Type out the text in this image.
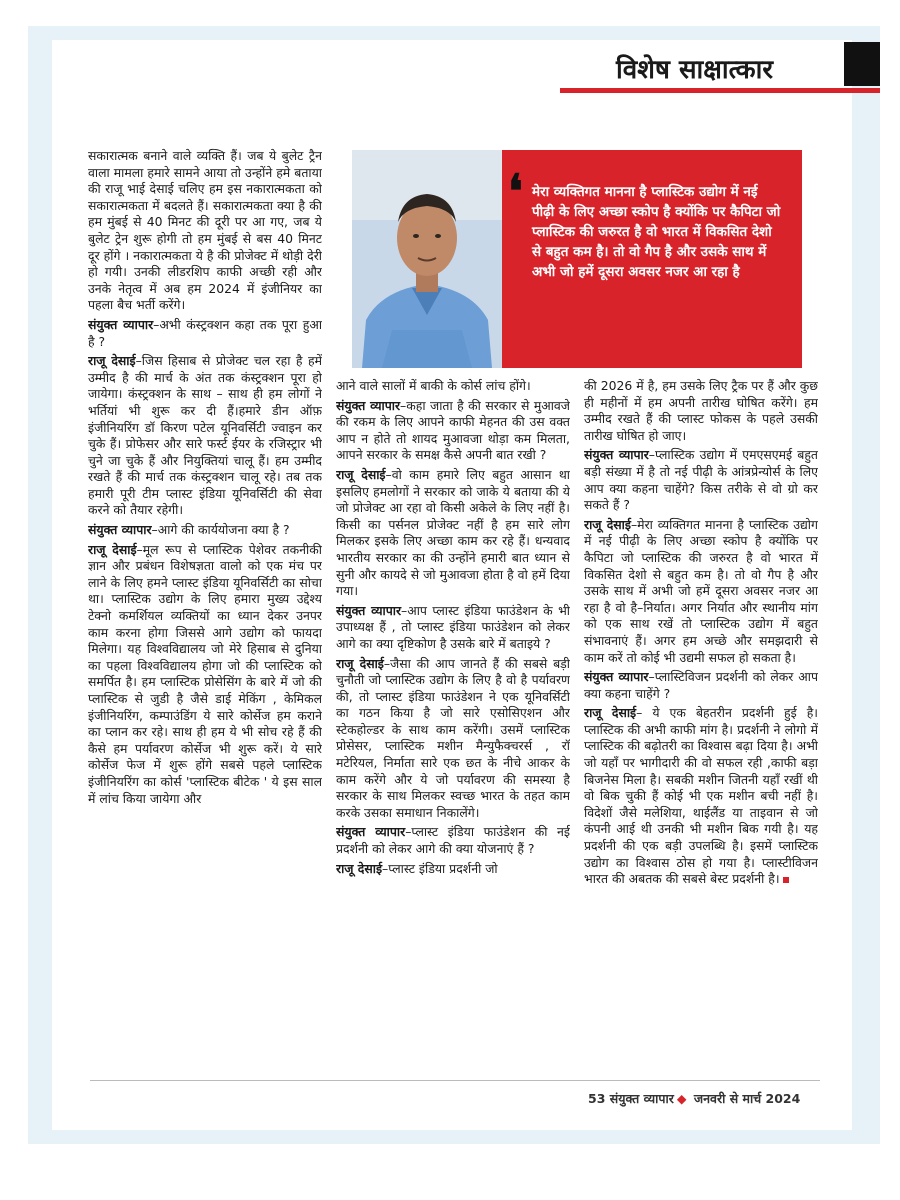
विशेष साक्षात्कार
❛ मेरा व्यक्तिगत मानना है प्लास्टिक उद्योग में नई पीढ़ी के लिए अच्छा स्कोप है क्योंकि पर कैपिटा जो प्लास्टिक की जरुरत है वो भारत में विकसित देशो से बहुत कम है। तो वो गैप है और उसके साथ में अभी जो हमें दूसरा अवसर नजर आ रहा है

सकारात्मक बनाने वाले व्यक्ति हैं। जब ये बुलेट ट्रैन वाला मामला हमारे सामने आया तो उन्होंने हमे बताया की राजू भाई देसाई चलिए हम इस नकारात्मकता को सकारात्मकता में बदलते हैं। सकारात्मकता क्या है की हम मुंबई से 40 मिनट की दूरी पर आ गए, जब ये बुलेट ट्रेन शुरू होगी तो हम मुंबई से बस 40 मिनट दूर होंगे । नकारात्मकता ये है की प्रोजेक्ट में थोड़ी देरी हो गयी। उनकी लीडरशिप काफी अच्छी रही और उनके नेतृत्व में अब हम 2024 में इंजीनियर का पहला बैच भर्ती करेंगे।

संयुक्त व्यापार–अभी कंस्ट्रक्शन कहा तक पूरा हुआ है ?

राजू देसाई–जिस हिसाब से प्रोजेक्ट चल रहा है हमें उम्मीद है की मार्च के अंत तक कंस्ट्रक्शन पूरा हो जायेगा। कंस्ट्रक्शन के साथ – साथ ही हम लोगों ने भर्तियां भी शुरू कर दी हैं।हमारे डीन ऑफ़ इंजीनियरिंग डॉ किरण पटेल यूनिवर्सिटी ज्वाइन कर चुके हैं। प्रोफेसर और सारे फर्स्ट ईयर के रजिस्ट्रार भी चुने जा चुके हैं और नियुक्तियां चालू हैं। हम उम्मीद रखते हैं की मार्च तक कंस्ट्रक्शन चालू रहे। तब तक हमारी पूरी टीम प्लास्ट इंडिया यूनिवर्सिटी की सेवा करने को तैयार रहेगी।

संयुक्त व्यापार–आगे की कार्ययोजना क्या है ?

राजू देसाई–मूल रूप से प्लास्टिक पेशेवर तकनीकी ज्ञान और प्रबंधन विशेषज्ञता वालो को एक मंच पर लाने के लिए हमने प्लास्ट इंडिया यूनिवर्सिटी का सोचा था। प्लास्टिक उद्योग के लिए हमारा मुख्य उद्देश्य टेक्नो कमर्शियल व्यक्तियों का ध्यान देकर उनपर काम करना होगा जिससे आगे उद्योग को फायदा मिलेगा। यह विश्वविद्यालय जो मेरे हिसाब से दुनिया का पहला विश्वविद्यालय होगा जो की प्लास्टिक को समर्पित है। हम प्लास्टिक प्रोसेसिंग के बारे में जो की प्लास्टिक से जुडी है जैसे डाई मेकिंग , केमिकल इंजीनियरिंग, कम्पाउंडिंग ये सारे कोर्सेज हम कराने का प्लान कर रहे। साथ ही हम ये भी सोच रहे हैं की कैसे हम पर्यावरण कोर्सेज भी शुरू करें। ये सारे कोर्सेज फेज में शुरू होंगे सबसे पहले प्लास्टिक इंजीनियरिंग का कोर्स 'प्लास्टिक बीटेक ' ये इस साल में लांच किया जायेगा और

आने वाले सालों में बाकी के कोर्स लांच होंगे।

संयुक्त व्यापार–कहा जाता है की सरकार से मुआवजे की रकम के लिए आपने काफी मेहनत की उस वक्त आप न होते तो शायद मुआवजा थोड़ा कम मिलता, आपने सरकार के समक्ष कैसे अपनी बात रखी ?

राजू देसाई–वो काम हमारे लिए बहुत आसान था इसलिए हमलोगों ने सरकार को जाके ये बताया की ये जो प्रोजेक्ट आ रहा वो किसी अकेले के लिए नहीं है। किसी का पर्सनल प्रोजेक्ट नहीं है हम सारे लोग मिलकर इसके लिए अच्छा काम कर रहे हैं। धन्यवाद भारतीय सरकार का की उन्होंने हमारी बात ध्यान से सुनी और कायदे से जो मुआवजा होता है वो हमें दिया गया।

संयुक्त व्यापार–आप प्लास्ट इंडिया फाउंडेशन के भी उपाध्यक्ष हैं , तो प्लास्ट इंडिया फाउंडेशन को लेकर आगे का क्या दृष्टिकोण है उसके बारे में बताइये ?

राजू देसाई–जैसा की आप जानते हैं की सबसे बड़ी चुनौती जो प्लास्टिक उद्योग के लिए है वो है पर्यावरण की, तो प्लास्ट इंडिया फाउंडेशन ने एक यूनिवर्सिटी का गठन किया है जो सारे एसोसिएशन और स्टेकहोल्डर के साथ काम करेंगी। उसमें प्लास्टिक प्रोसेसर, प्लास्टिक मशीन मैन्युफैक्चरर्स , रॉ मटेरियल, निर्माता सारे एक छत के नीचे आकर के काम करेंगे और ये जो पर्यावरण की समस्या है सरकार के साथ मिलकर स्वच्छ भारत के तहत काम करके उसका समाधान निकालेंगे।

संयुक्त व्यापार–प्लास्ट इंडिया फाउंडेशन की नई प्रदर्शनी को लेकर आगे की क्या योजनाएं हैं ?

राजू देसाई–प्लास्ट इंडिया प्रदर्शनी जो

की 2026 में है, हम उसके लिए ट्रैक पर हैं और कुछ ही महीनों में हम अपनी तारीख घोषित करेंगे। हम उम्मीद रखते हैं की प्लास्ट फोकस के पहले उसकी तारीख घोषित हो जाए।

संयुक्त व्यापार–प्लास्टिक उद्योग में एमएसएमई बहुत बड़ी संख्या में है तो नई पीढ़ी के आंत्रप्रेन्योर्स के लिए आप क्या कहना चाहेंगे? किस तरीके से वो ग्रो कर सकते हैं ?

राजू देसाई–मेरा व्यक्तिगत मानना है प्लास्टिक उद्योग में नई पीढ़ी के लिए अच्छा स्कोप है क्योंकि पर कैपिटा जो प्लास्टिक की जरुरत है वो भारत में विकसित देशो से बहुत कम है। तो वो गैप है और उसके साथ में अभी जो हमें दूसरा अवसर नजर आ रहा है वो है–निर्यात। अगर निर्यात और स्थानीय मांग को एक साथ रखें तो प्लास्टिक उद्योग में बहुत संभावनाएं हैं। अगर हम अच्छे और समझदारी से काम करें तो कोई भी उद्यमी सफल हो सकता है।

संयुक्त व्यापार–प्लास्टिविजन प्रदर्शनी को लेकर आप क्या कहना चाहेंगे ?

राजू देसाई– ये एक बेहतरीन प्रदर्शनी हुई है। प्लास्टिक की अभी काफी मांग है। प्रदर्शनी ने लोगो में प्लास्टिक की बढ़ोतरी का विश्वास बढ़ा दिया है। अभी जो यहाँ पर भागीदारी की वो सफल रही ,काफी बड़ा बिजनेस मिला है। सबकी मशीन जितनी यहाँ रखीं थी वो बिक चुकी हैं कोई भी एक मशीन बची नहीं है।विदेशों जैसे मलेशिया, थाईलैंड या ताइवान से जो कंपनी आई थी उनकी भी मशीन बिक गयी है। यह प्रदर्शनी की एक बड़ी उपलब्धि है। इसमें प्लास्टिक उद्योग का विश्वास ठोस हो गया है। प्लास्टीविजन भारत की अबतक की सबसे बेस्ट प्रदर्शनी है।

53 संयुक्त व्यापार ◆ जनवरी से मार्च 2024
